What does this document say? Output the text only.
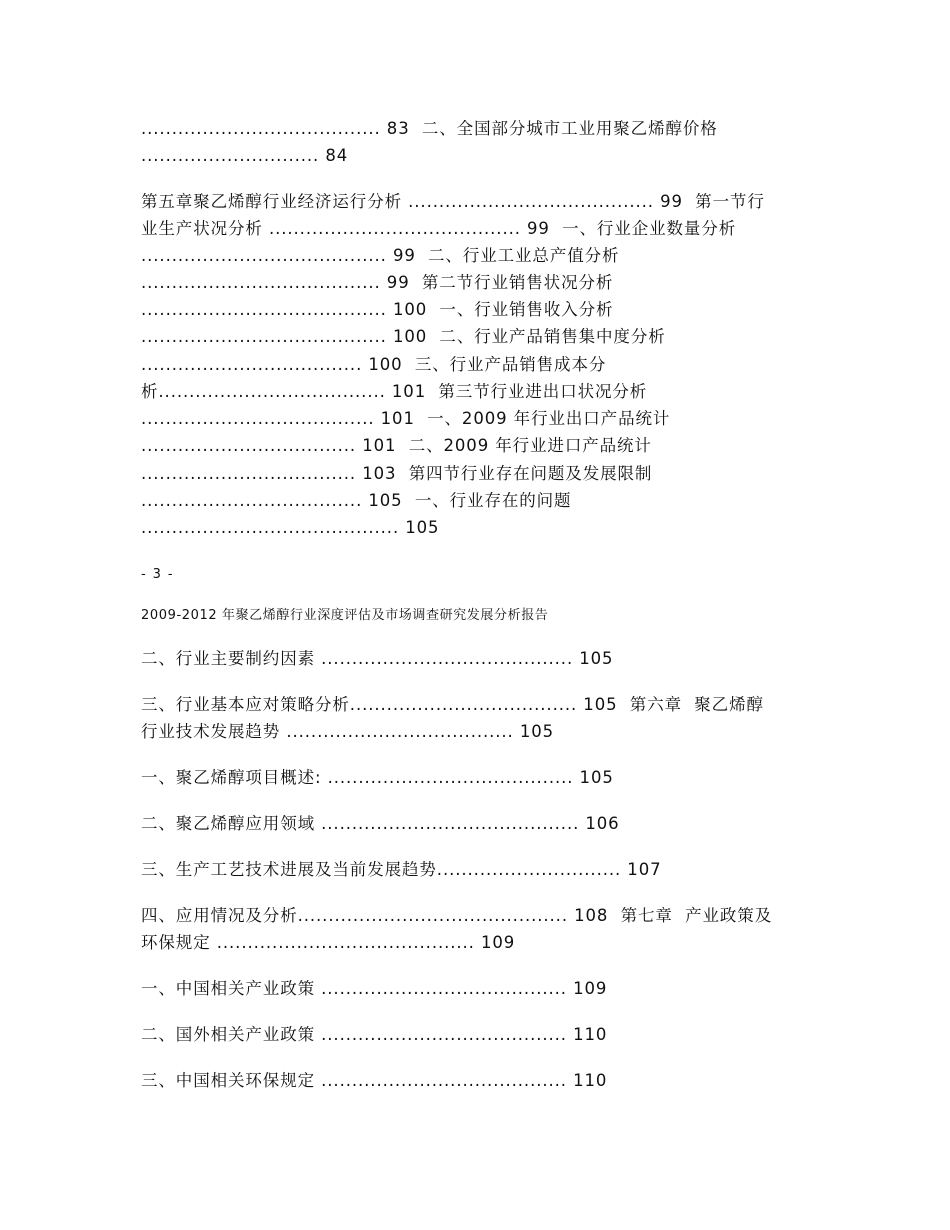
....................................... 83  二、全国部分城市工业用聚乙烯醇价格
............................. 84
第五章聚乙烯醇行业经济运行分析 ........................................ 99  第一节行
业生产状况分析 ......................................... 99  一、行业企业数量分析
........................................ 99  二、行业工业总产值分析
....................................... 99  第二节行业销售状况分析
........................................ 100  一、行业销售收入分析
........................................ 100  二、行业产品销售集中度分析
.................................... 100  三、行业产品销售成本分
析..................................... 101  第三节行业进出口状况分析
...................................... 101  一、2009 年行业出口产品统计
................................... 101  二、2009 年行业进口产品统计
................................... 103  第四节行业存在问题及发展限制
.................................... 105  一、行业存在的问题
.......................................... 105
- 3 -
2009-2012 年聚乙烯醇行业深度评估及市场调查研究发展分析报告
二、行业主要制约因素 ......................................... 105
三、行业基本应对策略分析..................................... 105  第六章  聚乙烯醇
行业技术发展趋势 ..................................... 105
一、聚乙烯醇项目概述: ........................................ 105
二、聚乙烯醇应用领域 .......................................... 106
三、生产工艺技术进展及当前发展趋势.............................. 107
四、应用情况及分析............................................ 108  第七章  产业政策及
环保规定 .......................................... 109
一、中国相关产业政策 ........................................ 109
二、国外相关产业政策 ........................................ 110
三、中国相关环保规定 ........................................ 110
